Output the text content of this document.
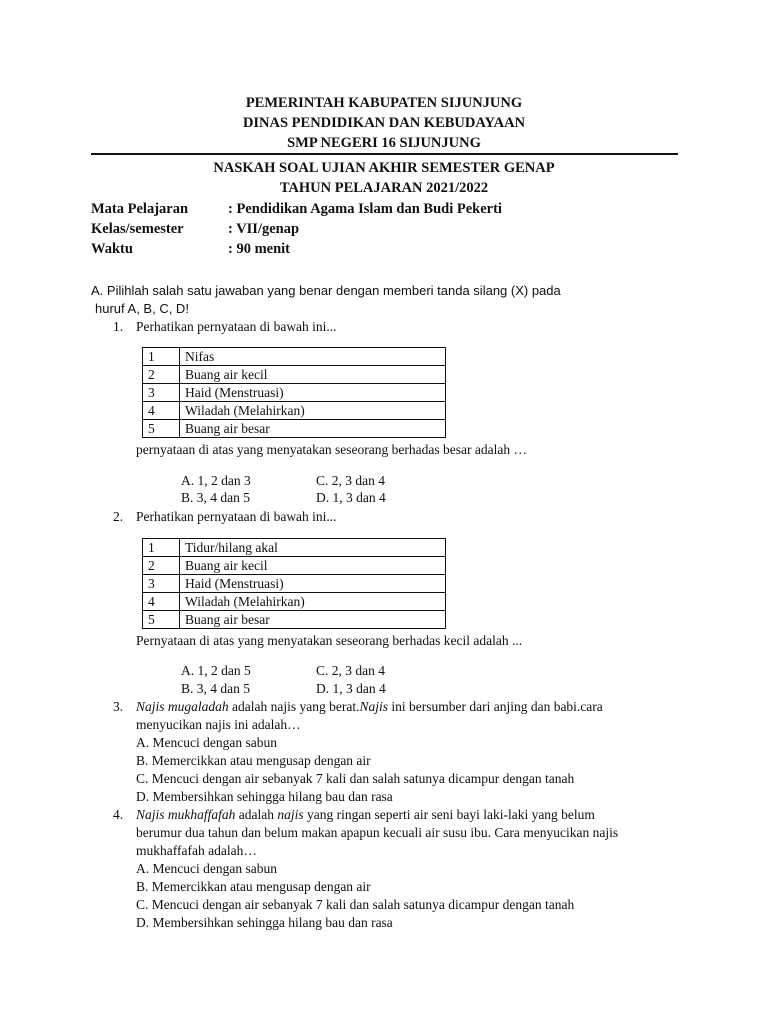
PEMERINTAH KABUPATEN SIJUNJUNG
DINAS PENDIDIKAN DAN KEBUDAYAAN
SMP NEGERI 16 SIJUNJUNG
NASKAH SOAL UJIAN AKHIR SEMESTER GENAP
TAHUN PELAJARAN 2021/2022
Mata Pelajaran	: Pendidikan Agama Islam dan Budi Pekerti
Kelas/semester	: VII/genap
Waktu	: 90 menit
A. Pilihlah salah satu jawaban yang benar dengan memberi tanda silang (X) pada
huruf A, B, C, D!
1. Perhatikan pernyataan di bawah ini...
1	Nifas
2	Buang air kecil
3	Haid (Menstruasi)
4	Wiladah (Melahirkan)
5	Buang air besar
pernyataan di atas yang menyatakan seseorang berhadas besar adalah …
A. 1, 2 dan 3	C. 2, 3 dan 4
B. 3, 4 dan 5	D. 1, 3 dan 4
2. Perhatikan pernyataan di bawah ini...
1	Tidur/hilang akal
2	Buang air kecil
3	Haid (Menstruasi)
4	Wiladah (Melahirkan)
5	Buang air besar
Pernyataan di atas yang menyatakan seseorang berhadas kecil adalah ...
A. 1, 2 dan 5	C. 2, 3 dan 4
B. 3, 4 dan 5	D. 1, 3 dan 4
3. Najis mugaladah adalah najis yang berat.Najis ini bersumber dari anjing dan babi.cara
menyucikan najis ini adalah…
A. Mencuci dengan sabun
B. Memercikkan atau mengusap dengan air
C. Mencuci dengan air sebanyak 7 kali dan salah satunya dicampur dengan tanah
D. Membersihkan sehingga hilang bau dan rasa
4. Najis mukhaffafah adalah najis yang ringan seperti air seni bayi laki-laki yang belum
berumur dua tahun dan belum makan apapun kecuali air susu ibu. Cara menyucikan najis
mukhaffafah adalah…
A. Mencuci dengan sabun
B. Memercikkan atau mengusap dengan air
C. Mencuci dengan air sebanyak 7 kali dan salah satunya dicampur dengan tanah
D. Membersihkan sehingga hilang bau dan rasa
